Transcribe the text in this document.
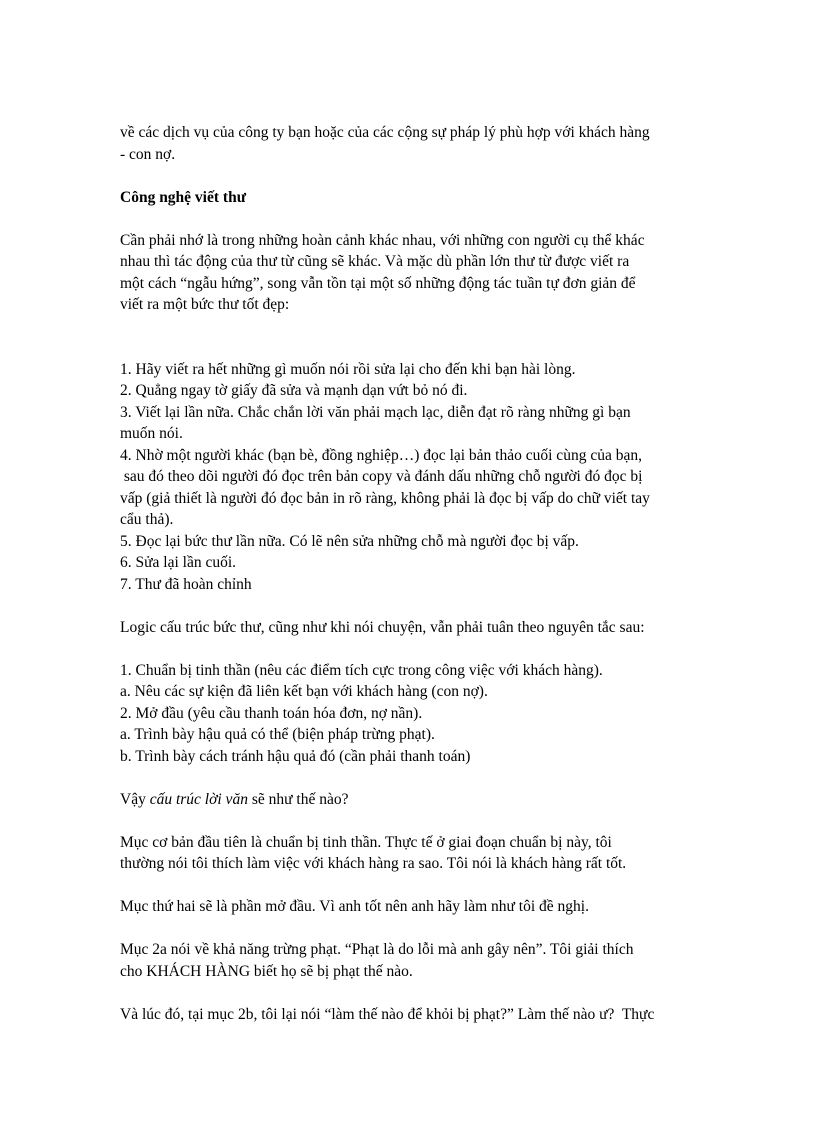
về các dịch vụ của công ty bạn hoặc của các cộng sự pháp lý phù hợp với khách hàng

- con nợ.

Công nghệ viết thư

Cần phải nhớ là trong những hoàn cảnh khác nhau, với những con người cụ thể khác

nhau thì tác động của thư từ cũng sẽ khác. Và mặc dù phần lớn thư từ được viết ra

một cách “ngẫu hứng”, song vẫn tồn tại một số những động tác tuần tự đơn giản để

viết ra một bức thư tốt đẹp:

1. Hãy viết ra hết những gì muốn nói rồi sửa lại cho đến khi bạn hài lòng.

2. Quẳng ngay tờ giấy đã sửa và mạnh dạn vứt bỏ nó đi.

3. Viết lại lần nữa. Chắc chắn lời văn phải mạch lạc, diễn đạt rõ ràng những gì bạn

muốn nói.

4. Nhờ một người khác (bạn bè, đồng nghiệp…) đọc lại bản thảo cuối cùng của bạn,

sau đó theo dõi người đó đọc trên bản copy và đánh dấu những chỗ người đó đọc bị

vấp (giả thiết là người đó đọc bản in rõ ràng, không phải là đọc bị vấp do chữ viết tay

cẩu thả).

5. Đọc lại bức thư lần nữa. Có lẽ nên sửa những chỗ mà người đọc bị vấp.

6. Sửa lại lần cuối.

7. Thư đã hoàn chỉnh

Logic cấu trúc bức thư, cũng như khi nói chuyện, vẫn phải tuân theo nguyên tắc sau:

1. Chuẩn bị tinh thần (nêu các điểm tích cực trong công việc với khách hàng).

a. Nêu các sự kiện đã liên kết bạn với khách hàng (con nợ).

2. Mở đầu (yêu cầu thanh toán hóa đơn, nợ nần).

a. Trình bày hậu quả có thể (biện pháp trừng phạt).

b. Trình bày cách tránh hậu quả đó (cần phải thanh toán)

Vậy cấu trúc lời văn sẽ như thế nào?

Mục cơ bản đầu tiên là chuẩn bị tinh thần. Thực tế ở giai đoạn chuẩn bị này, tôi

thường nói tôi thích làm việc với khách hàng ra sao. Tôi nói là khách hàng rất tốt.

Mục thứ hai sẽ là phần mở đầu. Vì anh tốt nên anh hãy làm như tôi đề nghị.

Mục 2a nói về khả năng trừng phạt. “Phạt là do lỗi mà anh gây nên”. Tôi giải thích

cho KHÁCH HÀNG biết họ sẽ bị phạt thế nào.

Và lúc đó, tại mục 2b, tôi lại nói “làm thế nào để khỏi bị phạt?” Làm thế nào ư?  Thực
